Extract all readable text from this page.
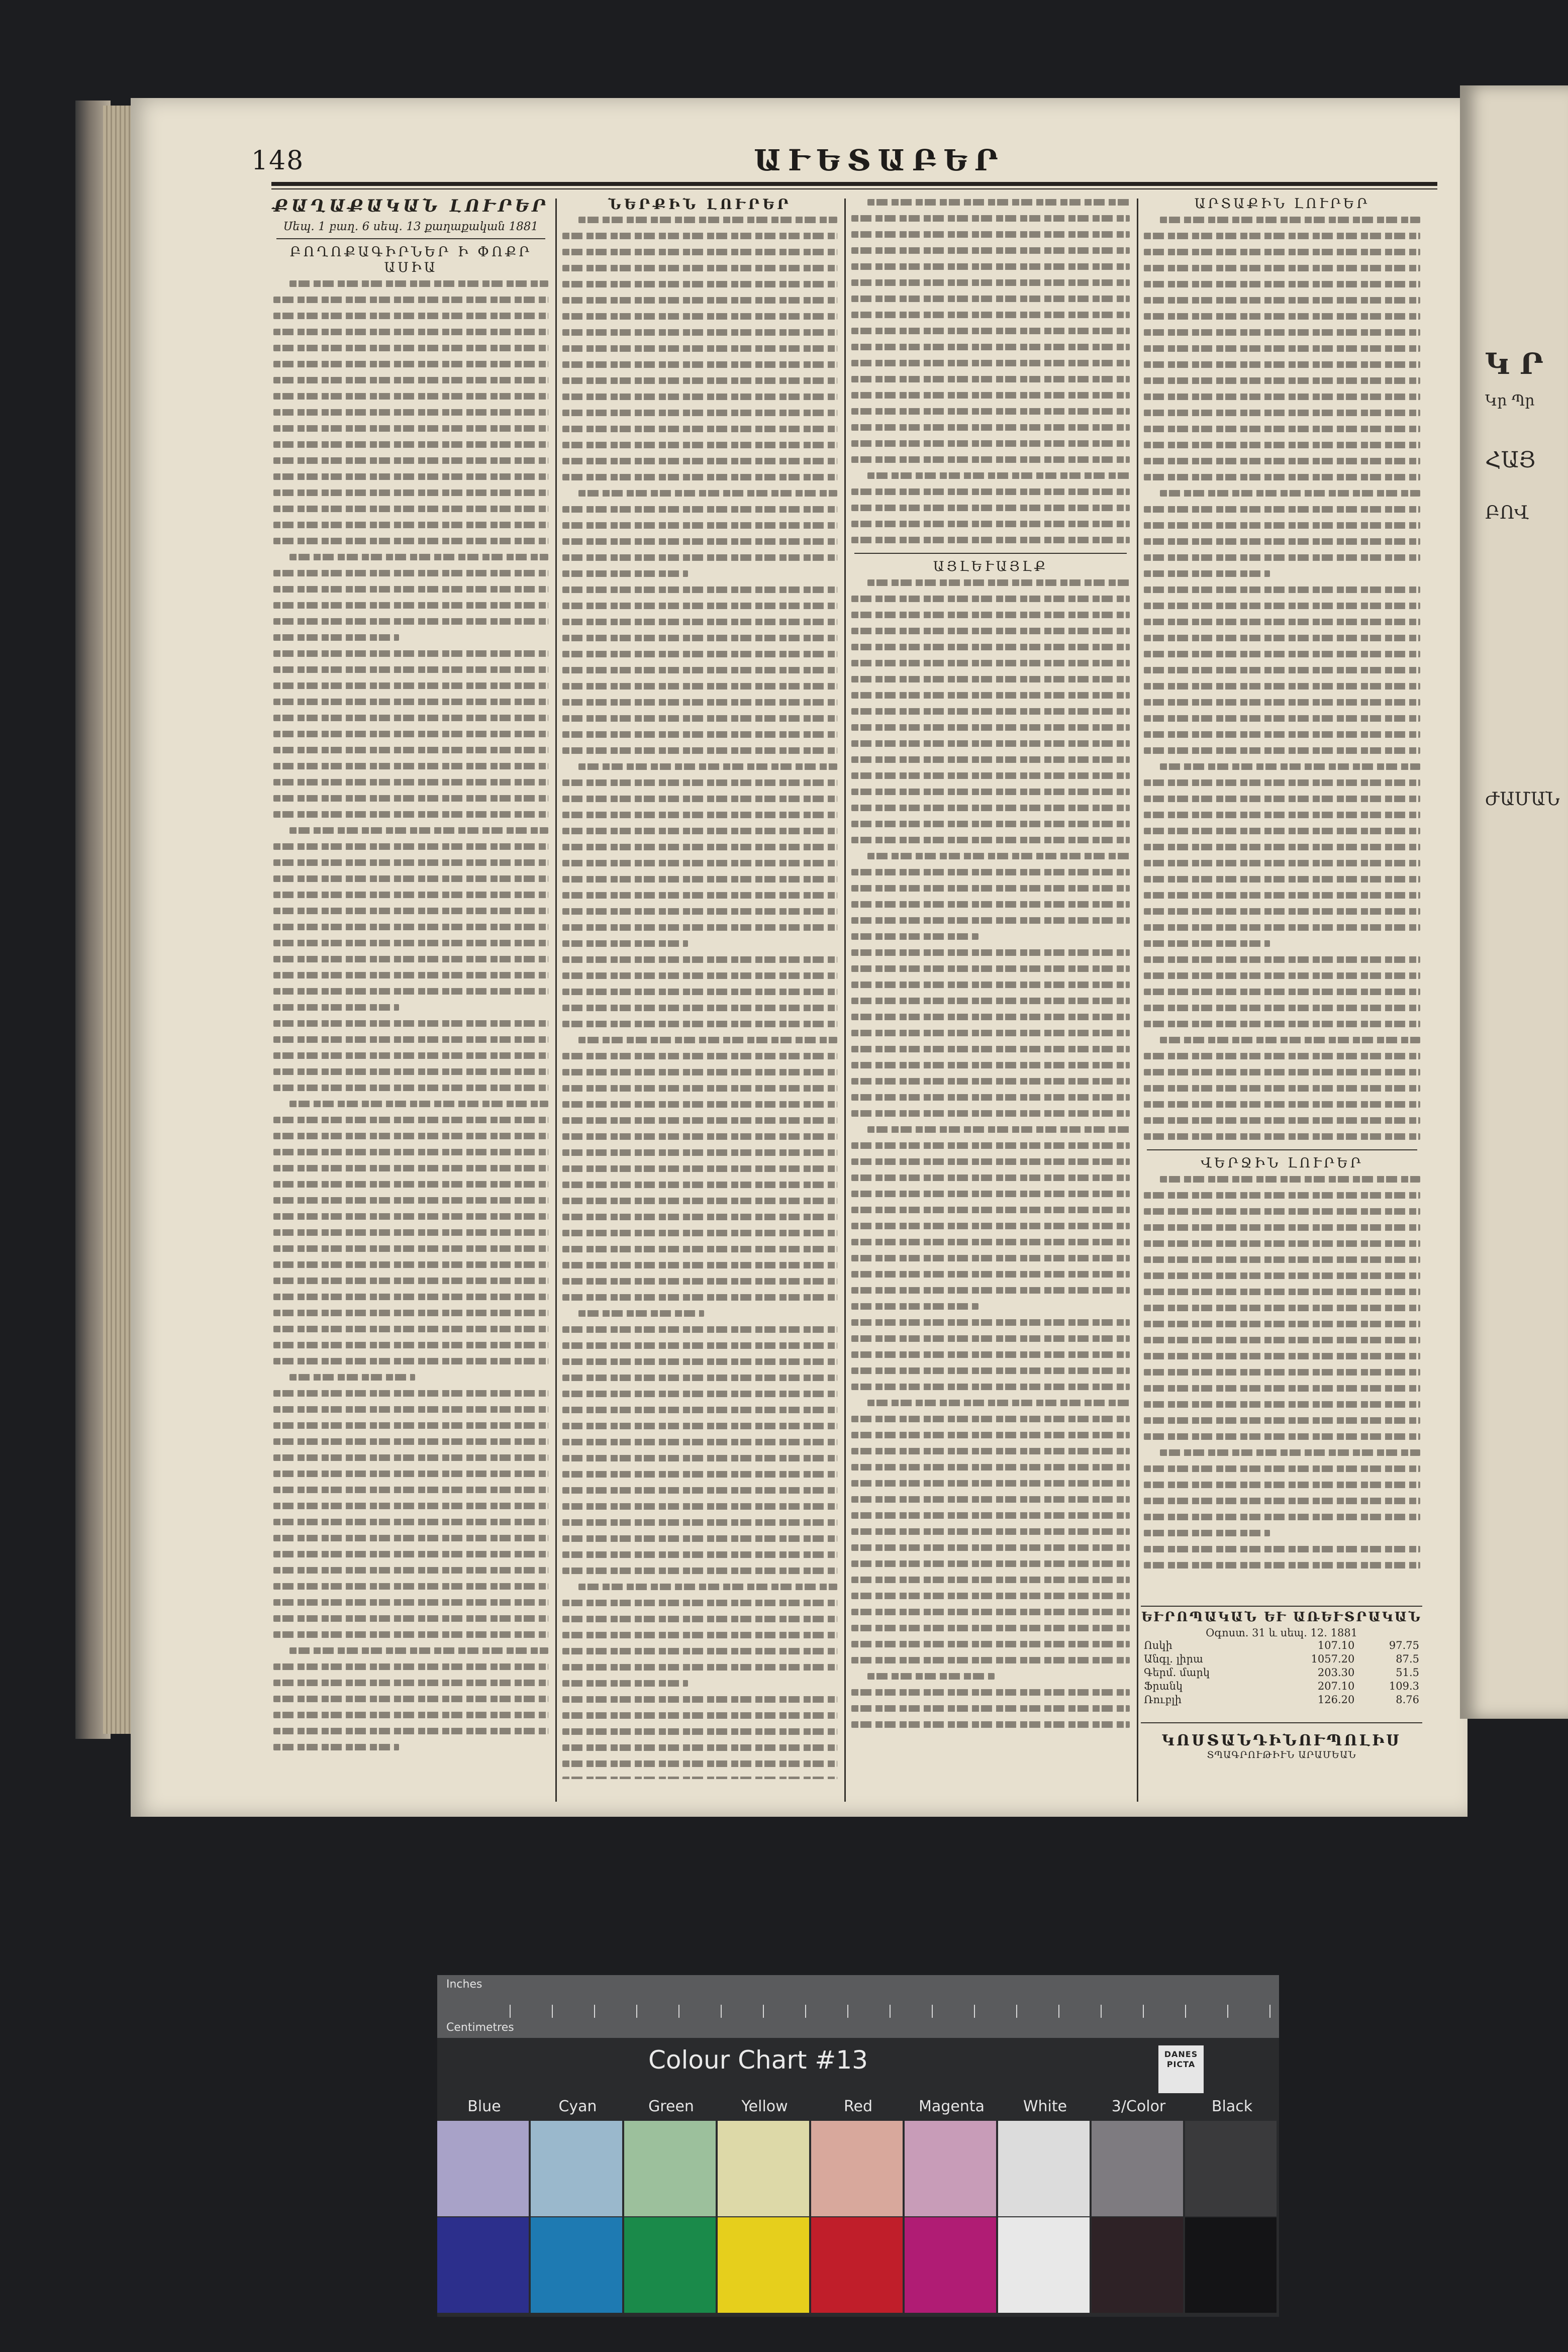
Կ Ր
Կր Պր
ՀԱՅ
ԲՈՎ
ԺԱՄԱՆ
148	ԱՒԵՏԱԲԵՐ
ՔԱՂԱՔԱԿԱՆ ԼՈՒՐԵՐ
Սեպ. 1 բաղ․ 6 սեպ․ 13 քաղաքական 1881
ԲՈՂՈՔԱԳԻՐՆԵՐ Ի ՓՈՔՐ ԱՍԻԱ
ՆԵՐՔԻՆ ԼՈՒՐԵՐ
ԱՅԼԵՒԱՅԼՔ
ԱՐՏԱՔԻՆ ԼՈՒՐԵՐ
ՎԵՐՋԻՆ ԼՈՒՐԵՐ
ԵՒՐՈՊԱԿԱՆ ԵՒ ԱՌԵՒՏՐԱԿԱՆ
Օգոստ. 31 և սեպ. 12. 1881
Ոսկի	107.10	97.75
Անգլ. լիրա	1057.20	87.5
Գերմ. մարկ	203.30	51.5
Ֆրանկ	207.10	109.3
Ռուբլի	126.20	8.76
ԿՈՍՏԱՆԴԻՆՈՒՊՈԼԻՍ
ՏՊԱԳՐՈՒԹԻՒՆ ԱՐԱՄԵԱՆ
Inches
Centimetres
Colour Chart #13	DANES PICTA
Blue	Cyan	Green	Yellow	Red	Magenta	White	3/Color	Black
